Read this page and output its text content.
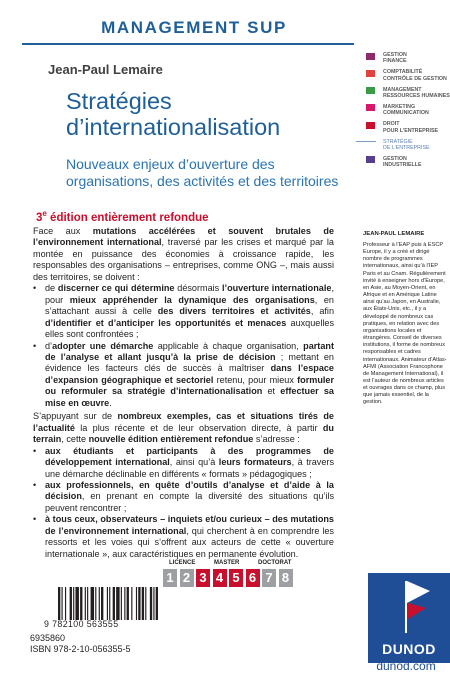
MANAGEMENT SUP
Jean-Paul Lemaire
Stratégies
d’internationalisation
Nouveaux enjeux d’ouverture des organisations, des activités et des territoires
3e édition entièrement refondue
GESTION
FINANCE
COMPTABILITÉ
CONTRÔLE DE GESTION
MANAGEMENT
RESSOURCES HUMAINES
MARKETING
COMMUNICATION
DROIT
POUR L’ENTREPRISE
STRATÉGIE
DE L’ENTREPRISE
GESTION
INDUSTRIELLE

Face aux mutations accélérées et souvent brutales de l’environnement international, traversé par les crises et marqué par la montée en puissance des économies à croissance rapide, les responsables des organisations – entreprises, comme ONG –, mais aussi des territoires, se doivent :

• de discerner ce qui détermine désormais l’ouverture internationale, pour mieux appréhender la dynamique des organisations, en s’attachant aussi à celle des divers territoires et activités, afin d’identifier et d’anticiper les opportunités et menaces auxquelles elles sont confrontées ;
• d’adopter une démarche applicable à chaque organisation, partant de l’analyse et allant jusqu’à la prise de décision ; mettant en évidence les facteurs clés de succès à maîtriser dans l’espace d’expansion géographique et sectoriel retenu, pour mieux formuler ou reformuler sa stratégie d’internationalisation et effectuer sa mise en œuvre.

S’appuyant sur de nombreux exemples, cas et situations tirés de l’actualité la plus récente et de leur observation directe, à partir du terrain, cette nouvelle édition entièrement refondue s’adresse :

• aux étudiants et participants à des programmes de développement international, ainsi qu’à leurs formateurs, à travers une démarche déclinable en différents « formats » pédagogiques ;
• aux professionnels, en quête d’outils d’analyse et d’aide à la décision, en prenant en compte la diversité des situations qu’ils peuvent rencontrer ;
• à tous ceux, observateurs – inquiets et/ou curieux – des mutations de l’environnement international, qui cherchent à en comprendre les ressorts et les voies qui s’offrent aux acteurs de cette « ouverture internationale », aux caractéristiques en permanente évolution.
JEAN-PAUL LEMAIRE
Professeur à l’EAP puis à ESCP Europe, il y a créé et dirigé nombre de programmes internationaux, ainsi qu’à l’IEP Paris et au Cnam. Régulièrement invité à enseigner hors d’Europe, en Asie, au Moyen-Orient, en Afrique et en Amérique Latine ainsi qu’au Japon, en Australie, aux États-Unis, etc., il y a développé de nombreux cas pratiques, en relation avec des organisations locales et étrangères. Conseil de diverses institutions, il forme de nombreux responsables et cadres internationaux. Animateur d’Atlas-AFMI (Association Francophone de Management International), il est l’auteur de nombreux articles et ouvrages dans ce champ, plus que jamais essentiel, de la gestion.
LICENCE	MASTER	DOCTORAT
1 2 3 4 5 6 7 8
9 782100 563555
6935860
ISBN 978-2-10-056355-5	DUNOD
dunod.com
